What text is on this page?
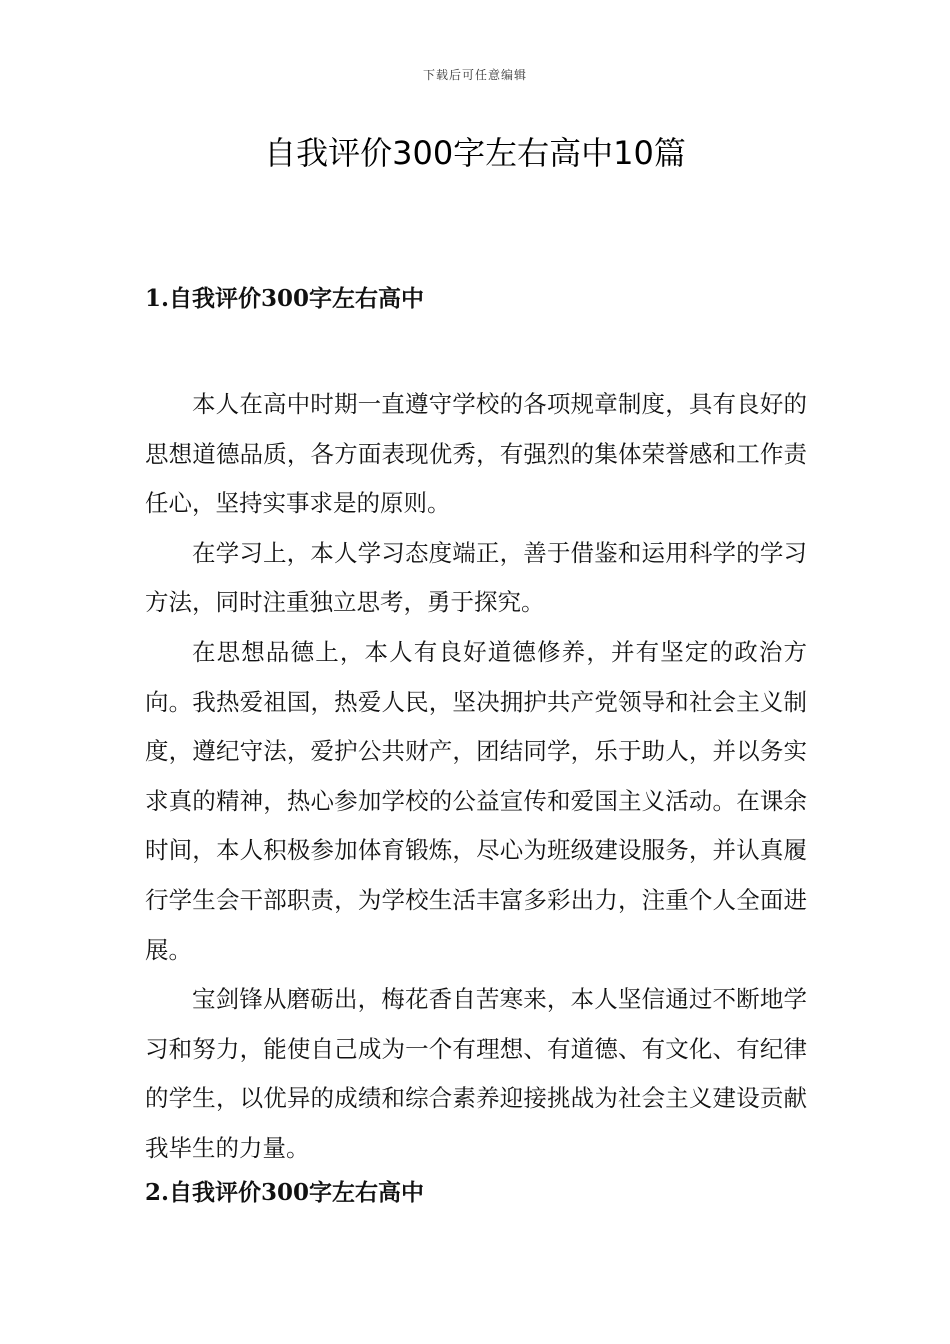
下载后可任意编辑
自我评价300字左右高中10篇
1.自我评价300字左右高中

本人在高中时期一直遵守学校的各项规章制度，具有良好的思想道德品质，各方面表现优秀，有强烈的集体荣誉感和工作责任心，坚持实事求是的原则。

在学习上，本人学习态度端正，善于借鉴和运用科学的学习方法，同时注重独立思考，勇于探究。

在思想品德上，本人有良好道德修养，并有坚定的政治方向。我热爱祖国，热爱人民，坚决拥护共产党领导和社会主义制度，遵纪守法，爱护公共财产，团结同学，乐于助人，并以务实求真的精神，热心参加学校的公益宣传和爱国主义活动。在课余时间，本人积极参加体育锻炼，尽心为班级建设服务，并认真履行学生会干部职责，为学校生活丰富多彩出力，注重个人全面进展。

宝剑锋从磨砺出，梅花香自苦寒来，本人坚信通过不断地学习和努力，能使自己成为一个有理想、有道德、有文化、有纪律的学生，以优异的成绩和综合素养迎接挑战为社会主义建设贡献我毕生的力量。

2.自我评价300字左右高中
